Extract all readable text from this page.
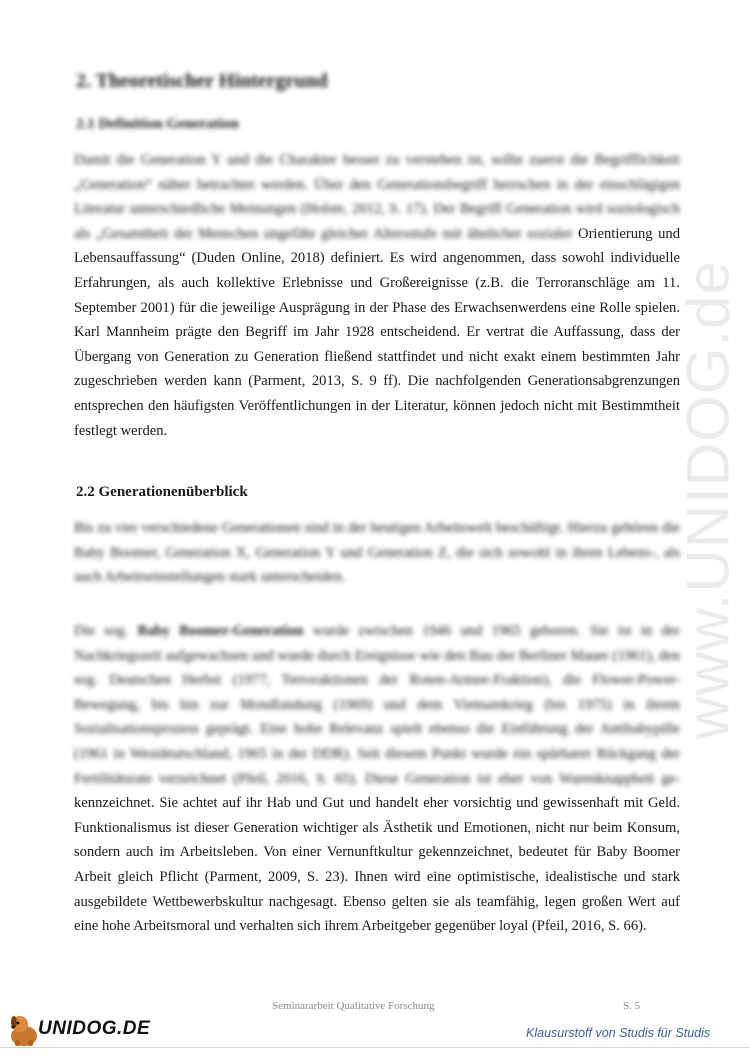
www.UNIDOG.de
2. Theoretischer Hintergrund
2.1 Definition Generation

Damit die Generation Y und die Charakter besser zu verstehen ist, sollte zuerst die Begrifflichkeit „Generation“ näher betrachtet werden. Über den Generationsbegriff herrschen in der einschlägigen Literatur unterschiedliche Meinungen (Holste, 2012, S. 17). Der Begriff Generation wird soziologisch als „Gesamtheit der Menschen ungefähr gleicher Altersstufe mit ähnlicher sozialer Orientierung und Lebensauffassung“ (Duden Online, 2018) definiert. Es wird angenommen, dass sowohl individuelle Erfahrungen, als auch kollektive Erlebnisse und Großereignisse (z.B. die Terroranschläge am 11. September 2001) für die jeweilige Ausprägung in der Phase des Erwachsenwerdens eine Rolle spielen. Karl Mannheim prägte den Begriff im Jahr 1928 entscheidend. Er vertrat die Auffassung, dass der Übergang von Generation zu Generation fließend stattfindet und nicht exakt einem bestimmten Jahr zugeschrieben werden kann (Parment, 2013, S. 9 ff). Die nachfolgenden Generationsabgrenzungen entsprechen den häufigsten Veröffentlichungen in der Literatur, können jedoch nicht mit Bestimmtheit festlegt werden.

2.2 Generationenüberblick

Bis zu vier verschiedene Generationen sind in der heutigen Arbeitswelt beschäftigt. Hierzu gehören die Baby Boomer, Generation X, Generation Y und Generation Z, die sich sowohl in ihren Lebens-, als auch Arbeitseinstellungen stark unterscheiden.

Die sog. Baby Boomer-Generation wurde zwischen 1946 und 1965 geboren. Sie ist in der Nachkriegszeit aufgewachsen und wurde durch Ereignisse wie den Bau der Berliner Mauer (1961), den sog. Deutschen Herbst (1977, Terroraktionen der Roten-Armee-Fraktion), die Flower-Power-Bewegung, bis hin zur Mondlandung (1969) und dem Vietnamkrieg (bis 1975) in ihrem Sozialisationsprozess geprägt. Eine hohe Relevanz spielt ebenso die Einführung der Antibabypille (1961 in Westdeutschland, 1965 in der DDR). Seit diesem Punkt wurde ein spürbarer Rückgang der Fertilitätsrate verzeichnet (Pfeil, 2016, S. 65). Diese Generation ist eher von Warenknappheit ge-kennzeichnet. Sie achtet auf ihr Hab und Gut und handelt eher vorsichtig und gewissenhaft mit Geld. Funktionalismus ist dieser Generation wichtiger als Ästhetik und Emotionen, nicht nur beim Konsum, sondern auch im Arbeitsleben. Von einer Vernunftkultur gekennzeichnet, bedeutet für Baby Boomer Arbeit gleich Pflicht (Parment, 2009, S. 23). Ihnen wird eine optimistische, idealistische und stark ausgebildete Wettbewerbskultur nachgesagt. Ebenso gelten sie als teamfähig, legen großen Wert auf eine hohe Arbeitsmoral und verhalten sich ihrem Arbeitgeber gegenüber loyal (Pfeil, 2016, S. 66).

Seminararbeit Qualitative Forschung	S. 5
UNIDOG.DE	Klausurstoff von Studis für Studis
